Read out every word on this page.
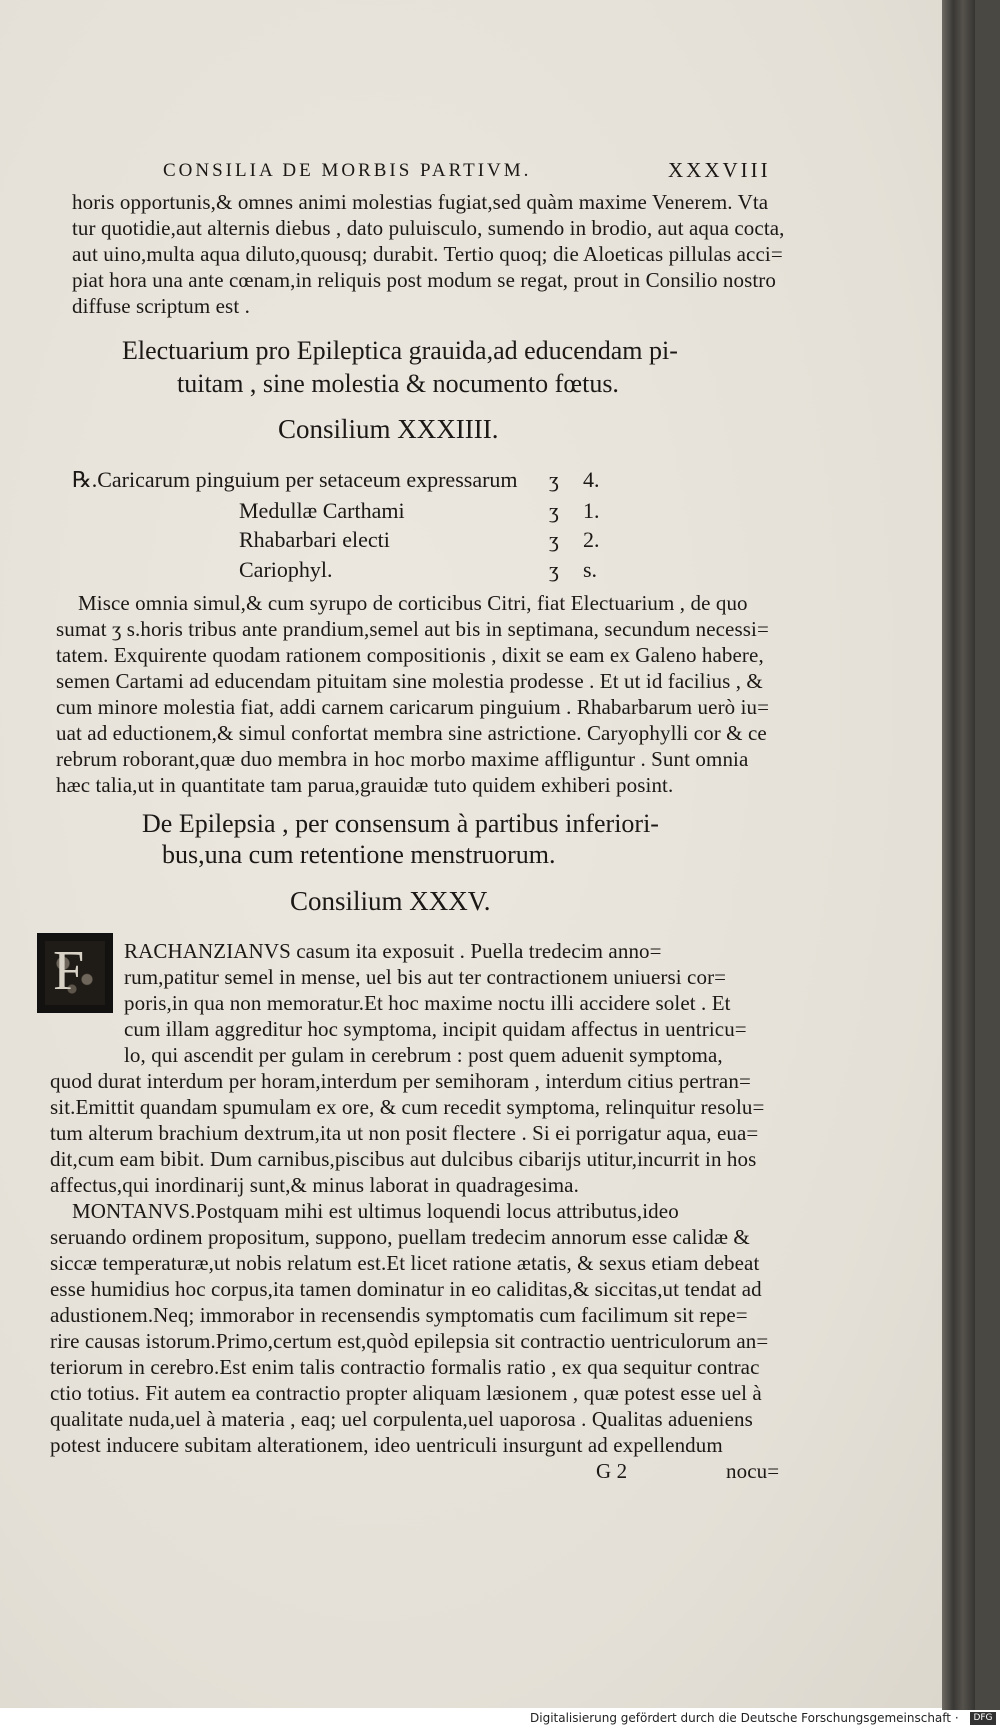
CONSILIA DE MORBIS PARTIVM.	XXXVIII
horis opportunis,& omnes animi molestias fugiat,sed quàm maxime Venerem. Vta
tur quotidie,aut alternis diebus , dato puluisculo, sumendo in brodio, aut aqua cocta,
aut uino,multa aqua diluto,quousq; durabit. Tertio quoq; die Aloeticas pillulas acci=
piat hora una ante cœnam,in reliquis post modum se regat, prout in Consilio nostro
diffuse scriptum est .
Electuarium pro Epileptica grauida,ad educendam pi-
tuitam , sine molestia & nocumento fœtus.
Consilium XXXIIII.
℞.Caricarum pinguium per setaceum expressarum ʒ 4.
Medullæ Carthami	ʒ 1.
Rhabarbari electi	ʒ 2.
Cariophyl.	ʒ s.
Misce omnia simul,& cum syrupo de corticibus Citri, fiat Electuarium , de quo
sumat ʒ s.horis tribus ante prandium,semel aut bis in septimana, secundum necessi=
tatem. Exquirente quodam rationem compositionis , dixit se eam ex Galeno habere,
semen Cartami ad educendam pituitam sine molestia prodesse . Et ut id facilius , &
cum minore molestia fiat, addi carnem caricarum pinguium . Rhabarbarum uerò iu=
uat ad eductionem,& simul confortat membra sine astrictione. Caryophylli cor & ce
rebrum roborant,quæ duo membra in hoc morbo maxime affliguntur . Sunt omnia
hæc talia,ut in quantitate tam parua,grauidæ tuto quidem exhiberi posint.
De Epilepsia , per consensum à partibus inferiori-
bus,una cum retentione menstruorum.
Consilium XXXV.
F RACHANZIANVS casum ita exposuit . Puella tredecim anno=
rum,patitur semel in mense, uel bis aut ter contractionem uniuersi cor=
poris,in qua non memoratur.Et hoc maxime noctu illi accidere solet . Et
cum illam aggreditur hoc symptoma, incipit quidam affectus in uentricu=
lo, qui ascendit per gulam in cerebrum : post quem aduenit symptoma,
quod durat interdum per horam,interdum per semihoram , interdum citius pertran=
sit.Emittit quandam spumulam ex ore, & cum recedit symptoma, relinquitur resolu=
tum alterum brachium dextrum,ita ut non posit flectere . Si ei porrigatur aqua, eua=
dit,cum eam bibit. Dum carnibus,piscibus aut dulcibus cibarijs utitur,incurrit in hos
affectus,qui inordinarij sunt,& minus laborat in quadragesima.
MONTANVS.Postquam mihi est ultimus loquendi locus attributus,ideo
seruando ordinem propositum, suppono, puellam tredecim annorum esse calidæ &
siccæ temperaturæ,ut nobis relatum est.Et licet ratione ætatis, & sexus etiam debeat
esse humidius hoc corpus,ita tamen dominatur in eo caliditas,& siccitas,ut tendat ad
adustionem.Neq; immorabor in recensendis symptomatis cum facilimum sit repe=
rire causas istorum.Primo,certum est,quòd epilepsia sit contractio uentriculorum an=
teriorum in cerebro.Est enim talis contractio formalis ratio , ex qua sequitur contrac
ctio totius. Fit autem ea contractio propter aliquam læsionem , quæ potest esse uel à
qualitate nuda,uel à materia , eaq; uel corpulenta,uel uaporosa . Qualitas adueniens
potest inducere subitam alterationem, ideo uentriculi insurgunt ad expellendum
G 2	nocu=
Digitalisierung gefördert durch die Deutsche Forschungsgemeinschaft ·	DFG
